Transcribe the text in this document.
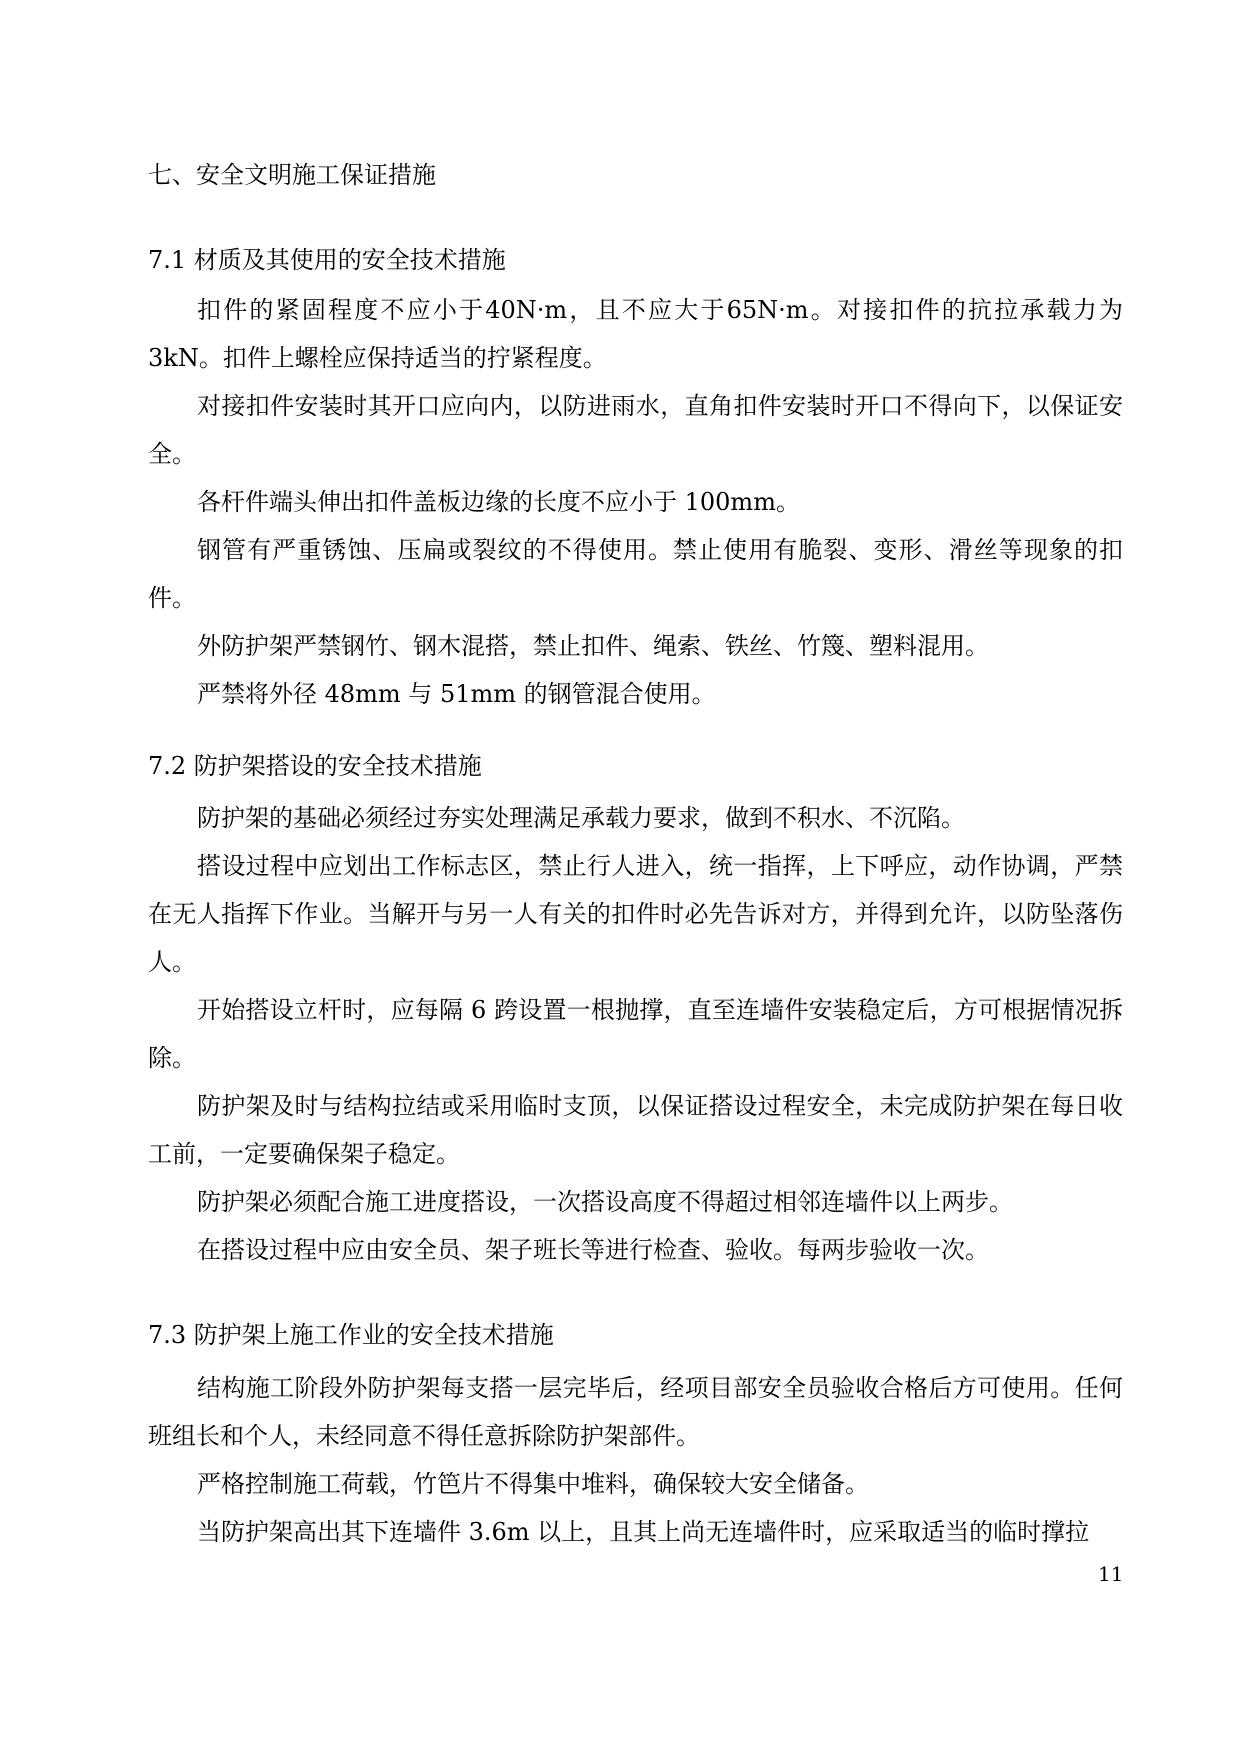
七、安全文明施工保证措施
7.1 材质及其使用的安全技术措施
扣件的紧固程度不应小于40N·m，且不应大于65N·m。对接扣件的抗拉承载力为3kN。扣件上螺栓应保持适当的拧紧程度。
对接扣件安装时其开口应向内，以防进雨水，直角扣件安装时开口不得向下，以保证安全。
各杆件端头伸出扣件盖板边缘的长度不应小于 100mm。
钢管有严重锈蚀、压扁或裂纹的不得使用。禁止使用有脆裂、变形、滑丝等现象的扣件。
外防护架严禁钢竹、钢木混搭，禁止扣件、绳索、铁丝、竹篾、塑料混用。
严禁将外径 48mm 与 51mm 的钢管混合使用。
7.2 防护架搭设的安全技术措施
防护架的基础必须经过夯实处理满足承载力要求，做到不积水、不沉陷。
搭设过程中应划出工作标志区，禁止行人进入，统一指挥，上下呼应，动作协调，严禁在无人指挥下作业。当解开与另一人有关的扣件时必先告诉对方，并得到允许，以防坠落伤人。
开始搭设立杆时，应每隔 6 跨设置一根抛撑，直至连墙件安装稳定后，方可根据情况拆除。
防护架及时与结构拉结或采用临时支顶，以保证搭设过程安全，未完成防护架在每日收工前，一定要确保架子稳定。
防护架必须配合施工进度搭设，一次搭设高度不得超过相邻连墙件以上两步。
在搭设过程中应由安全员、架子班长等进行检查、验收。每两步验收一次。
7.3 防护架上施工作业的安全技术措施
结构施工阶段外防护架每支搭一层完毕后，经项目部安全员验收合格后方可使用。任何班组长和个人，未经同意不得任意拆除防护架部件。
严格控制施工荷载，竹笆片不得集中堆料，确保较大安全储备。
当防护架高出其下连墙件 3.6m 以上，且其上尚无连墙件时，应采取适当的临时撑拉
11
